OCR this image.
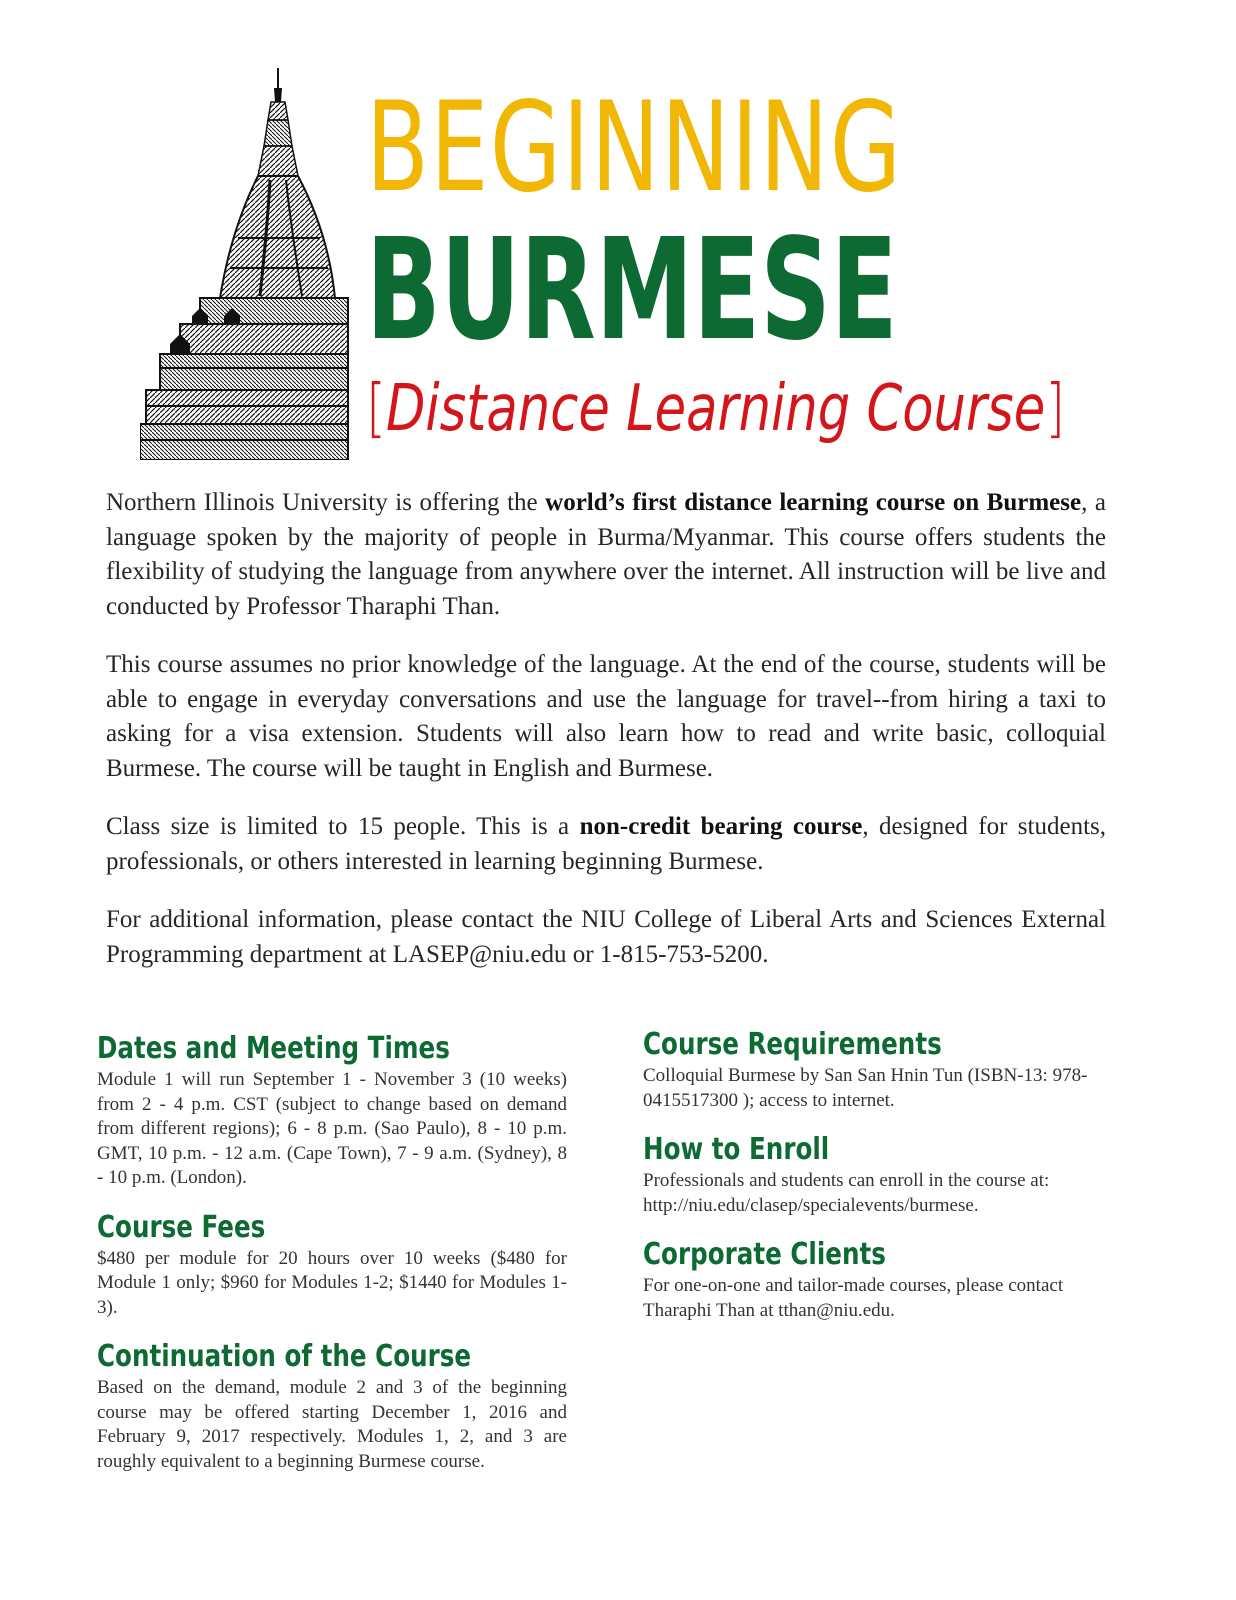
BEGINNING
BURMESE
[Distance Learning Course]

Northern Illinois University is offering the world’s first distance learning course on Burmese, a language spoken by the majority of people in Burma/Myanmar. This course offers students the flexibility of studying the language from anywhere over the internet. All instruction will be live and conducted by Professor Tharaphi Than.

This course assumes no prior knowledge of the language. At the end of the course, students will be able to engage in everyday conversations and use the language for travel--from hiring a taxi to asking for a visa extension. Students will also learn how to read and write basic, colloquial Burmese. The course will be taught in English and Burmese.

Class size is limited to 15 people. This is a non-credit bearing course, designed for students, professionals, or others interested in learning beginning Burmese.

For additional information, please contact the NIU College of Liberal Arts and Sciences External Programming department at LASEP@niu.edu or 1-815-753-5200.

Dates and Meeting Times

Module 1 will run September 1 - November 3 (10 weeks) from 2 - 4 p.m. CST (subject to change based on demand from different regions); 6 - 8 p.m. (Sao Paulo), 8 - 10 p.m. GMT, 10 p.m. - 12 a.m. (Cape Town), 7 - 9 a.m. (Sydney), 8 - 10 p.m. (London).

Course Fees

$480 per module for 20 hours over 10 weeks ($480 for Module 1 only; $960 for Modules 1-2; $1440 for Modules 1-3).

Continuation of the Course

Based on the demand, module 2 and 3 of the beginning course may be offered starting December 1, 2016 and February 9, 2017 respectively. Modules 1, 2, and 3 are roughly equivalent to a beginning Burmese course.

Course Requirements

Colloquial Burmese by San San Hnin Tun (ISBN-13: 978-0415517300 ); access to internet.

How to Enroll

Professionals and students can enroll in the course at: http://niu.edu/clasep/specialevents/burmese.

Corporate Clients

For one-on-one and tailor-made courses, please contact Tharaphi Than at tthan@niu.edu.
